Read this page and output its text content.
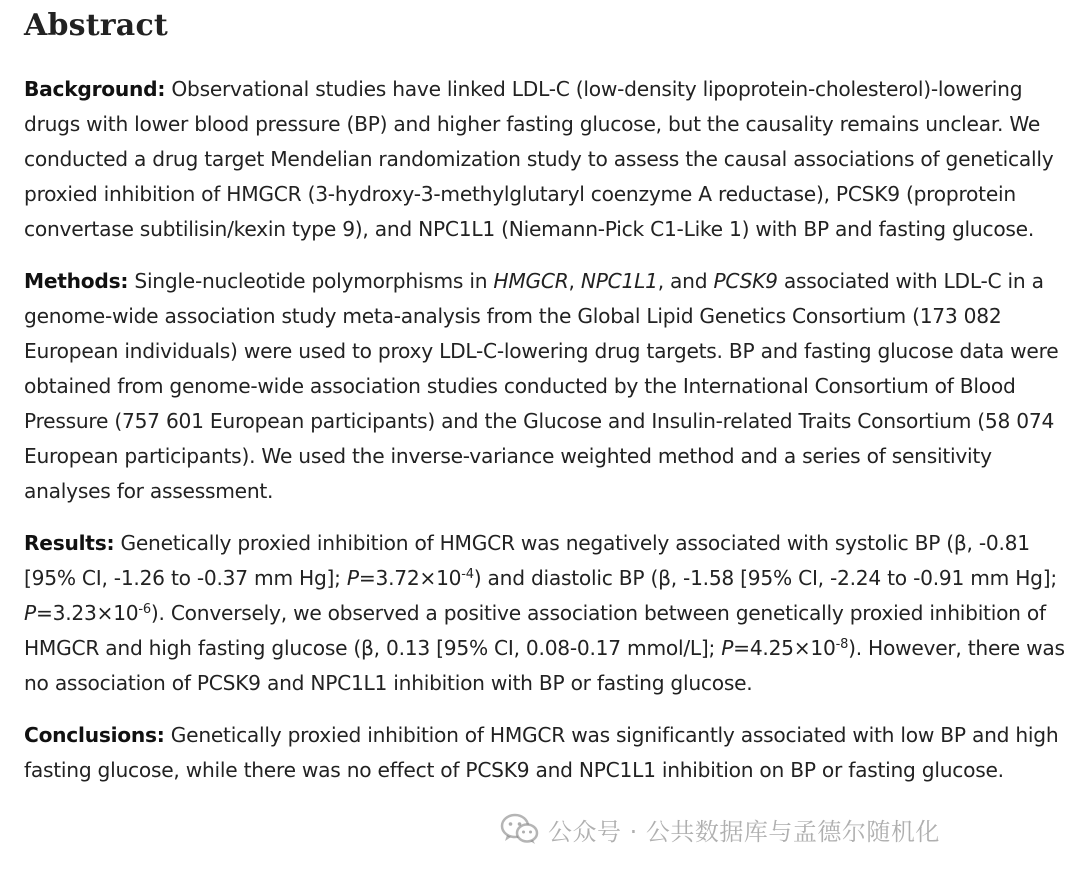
Abstract

Background: Observational studies have linked LDL-C (low-density lipoprotein-cholesterol)-lowering drugs with lower blood pressure (BP) and higher fasting glucose, but the causality remains unclear. We conducted a drug target Mendelian randomization study to assess the causal associations of genetically proxied inhibition of HMGCR (3-hydroxy-3-methylglutaryl coenzyme A reductase), PCSK9 (proprotein convertase subtilisin/kexin type 9), and NPC1L1 (Niemann-Pick C1-Like 1) with BP and fasting glucose.

Methods: Single-nucleotide polymorphisms in HMGCR, NPC1L1, and PCSK9 associated with LDL-C in a genome-wide association study meta-analysis from the Global Lipid Genetics Consortium (173 082 European individuals) were used to proxy LDL-C-lowering drug targets. BP and fasting glucose data were obtained from genome-wide association studies conducted by the International Consortium of Blood Pressure (757 601 European participants) and the Glucose and Insulin-related Traits Consortium (58 074 European participants). We used the inverse-variance weighted method and a series of sensitivity analyses for assessment.

Results: Genetically proxied inhibition of HMGCR was negatively associated with systolic BP (β, -0.81 [95% CI, -1.26 to -0.37 mm Hg]; $P=3.72\times 10^{-4}$) and diastolic BP (β, -1.58 [95% CI, -2.24 to -0.91 mm Hg]; $P=3.23\times 10^{-6}$). Conversely, we observed a positive association between genetically proxied inhibition of HMGCR and high fasting glucose (β, 0.13 [95% CI, 0.08-0.17 mmol/L]; $P=4.25\times 10^{-8}$). However, there was no association of PCSK9 and NPC1L1 inhibition with BP or fasting glucose.

Conclusions: Genetically proxied inhibition of HMGCR was significantly associated with low BP and high fasting glucose, while there was no effect of PCSK9 and NPC1L1 inhibition on BP or fasting glucose.

公众号 · 公共数据库与孟德尔随机化
